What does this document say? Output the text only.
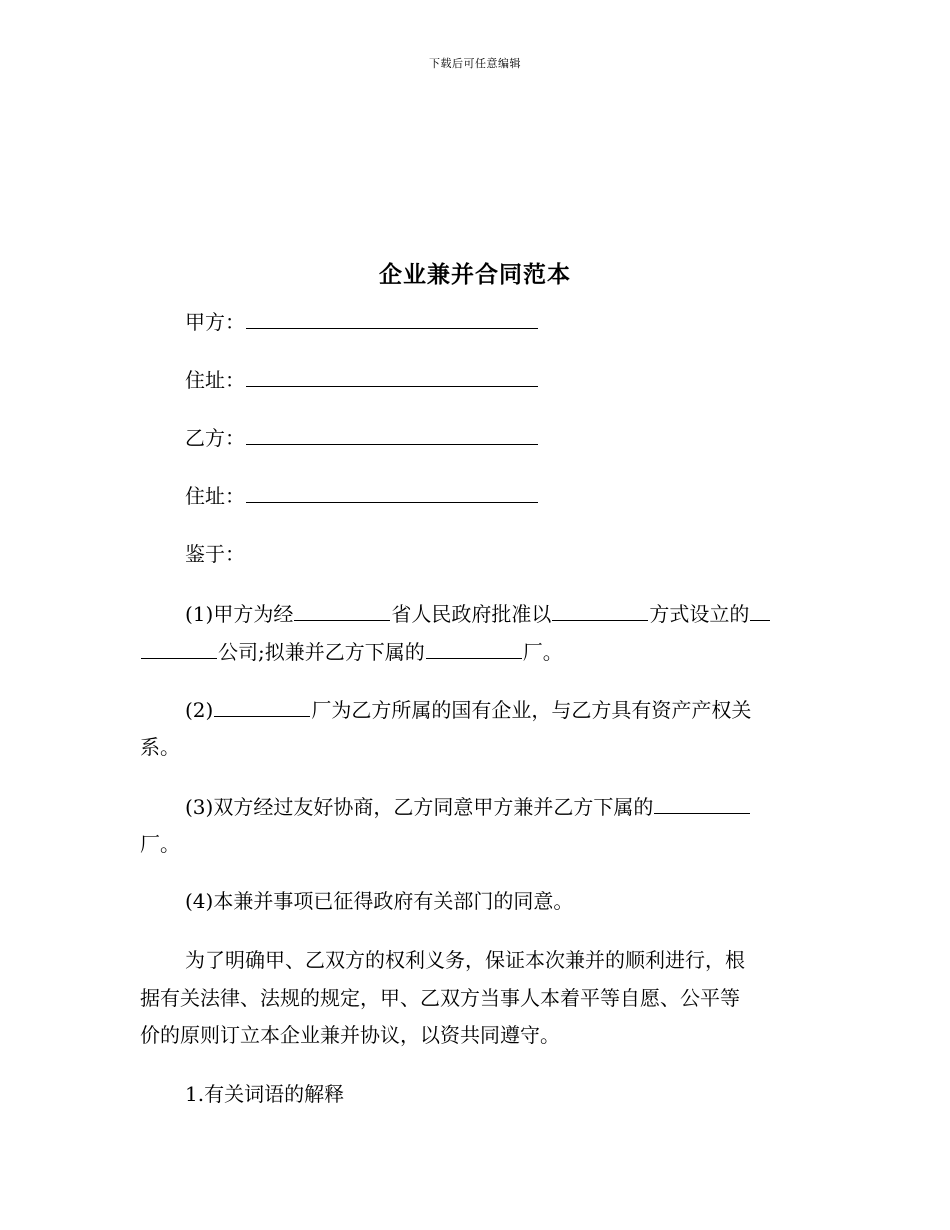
下载后可任意编辑
企业兼并合同范本
甲方：
住址：
乙方：
住址：
鉴于：
(1)甲方为经	省人民政府批准以	方式设立的
公司;拟兼并乙方下属的	厂。
(2)	厂为乙方所属的国有企业，与乙方具有资产产权关
系。
(3)双方经过友好协商，乙方同意甲方兼并乙方下属的
厂。
(4)本兼并事项已征得政府有关部门的同意。
为了明确甲、乙双方的权利义务，保证本次兼并的顺利进行，根
据有关法律、法规的规定，甲、乙双方当事人本着平等自愿、公平等
价的原则订立本企业兼并协议，以资共同遵守。
1.有关词语的解释
